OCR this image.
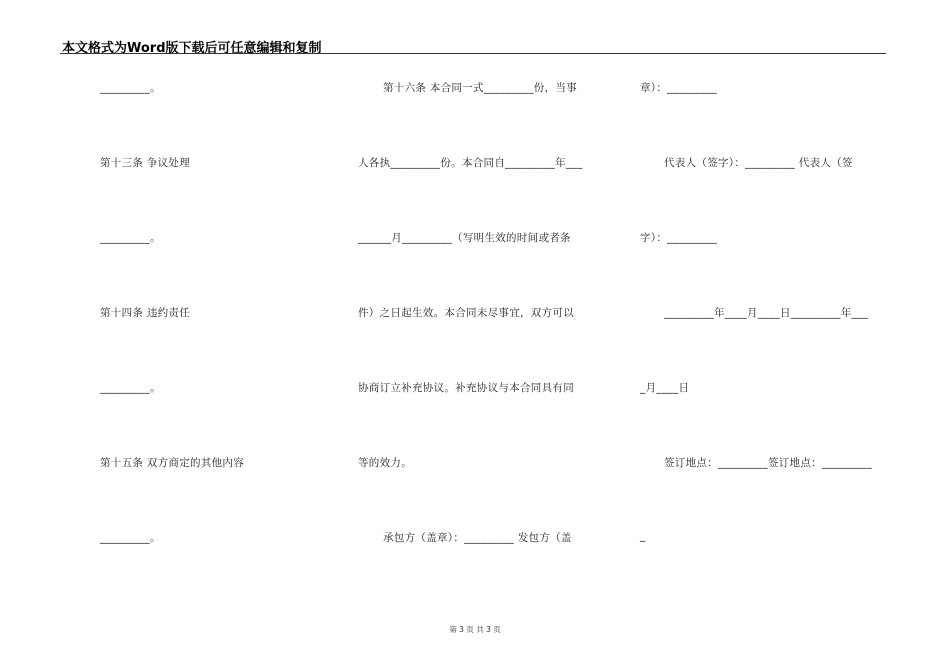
本文格式为Word版下载后可任意编辑和复制
_________。
第十三条 争议处理
_________。
第十四条 违约责任
_________。
第十五条 双方商定的其他内容
_________。
第十六条 本合同一式_________份，当事
人各执_________份。本合同自_________年___
______月_________（写明生效的时间或者条
件）之日起生效。本合同未尽事宜，双方可以
协商订立补充协议。补充协议与本合同具有同
等的效力。
承包方（盖章）：_________ 发包方（盖
章）：_________
代表人（签字）：_________ 代表人（签
字）：_________
_________年____月____日_________年___
_月____日
签订地点：_________签订地点：_________
_
第 3 页 共 3 页
